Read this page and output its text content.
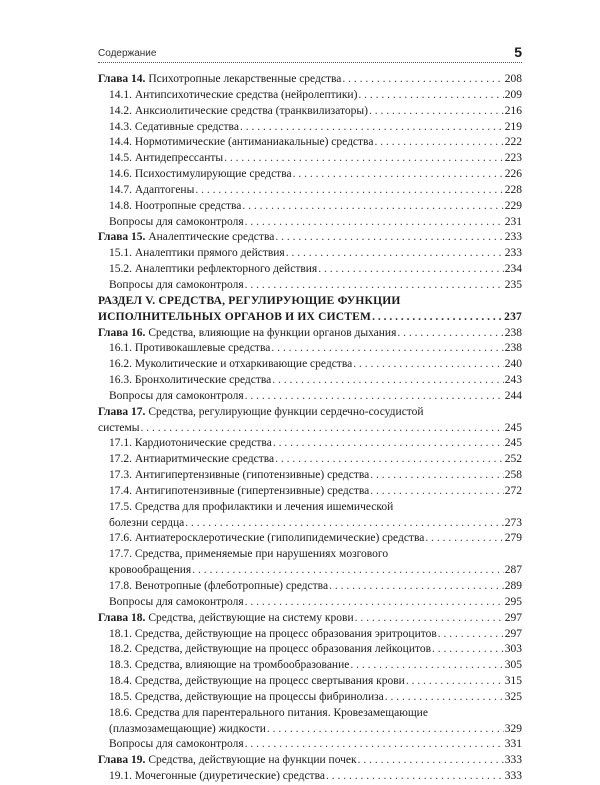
Содержание	5
Глава 14. Психотропные лекарственные средства . . .	208
14.1. Антипсихотические средства (нейролептики) . . .	209
14.2. Анксиолитические средства (транквилизаторы) . . .	216
14.3. Седативные средства . . .	219
14.4. Нормотимические (антиманиакальные) средства . . .	222
14.5. Антидепрессанты . . .	223
14.6. Психостимулирующие средства . . .	226
14.7. Адаптогены . . .	228
14.8. Ноотропные средства . . .	229
Вопросы для самоконтроля . . .	231
Глава 15. Аналептические средства . . .	233
15.1. Аналептики прямого действия . . .	233
15.2. Аналептики рефлекторного действия . . .	234
Вопросы для самоконтроля . . .	235
РАЗДЕЛ V. СРЕДСТВА, РЕГУЛИРУЮЩИЕ ФУНКЦИИ
ИСПОЛНИТЕЛЬНЫХ ОРГАНОВ И ИХ СИСТЕМ . . .	237
Глава 16. Средства, влияющие на функции органов дыхания . . .	238
16.1. Противокашлевые средства . . .	238
16.2. Муколитические и отхаркивающие средства . . .	240
16.3. Бронхолитические средства . . .	243
Вопросы для самоконтроля . . .	244
Глава 17. Средства, регулирующие функции сердечно-сосудистой
системы . . .	245
17.1. Кардиотонические средства . . .	245
17.2. Антиаритмические средства . . .	252
17.3. Антигипертензивные (гипотензивные) средства . . .	258
17.4. Антигипотензивные (гипертензивные) средства . . .	272
17.5. Средства для профилактики и лечения ишемической
болезни сердца . . .	273
17.6. Антиатеросклеротические (гиполипидемические) средства . . .	279
17.7. Средства, применяемые при нарушениях мозгового
кровообращения . . .	287
17.8. Венотропные (флеботропные) средства . . .	289
Вопросы для самоконтроля . . .	295
Глава 18. Средства, действующие на систему крови . . .	297
18.1. Средства, действующие на процесс образования эритроцитов . . .	297
18.2. Средства, действующие на процесс образования лейкоцитов . . .	303
18.3. Средства, влияющие на тромбообразование . . .	305
18.4. Средства, действующие на процесс свертывания крови . . .	315
18.5. Средства, действующие на процессы фибринолиза . . .	325
18.6. Средства для парентерального питания. Кровезамещающие
(плазмозамещающие) жидкости . . .	329
Вопросы для самоконтроля . . .	331
Глава 19. Средства, действующие на функции почек . . .	333
19.1. Мочегонные (диуретические) средства . . .	333
